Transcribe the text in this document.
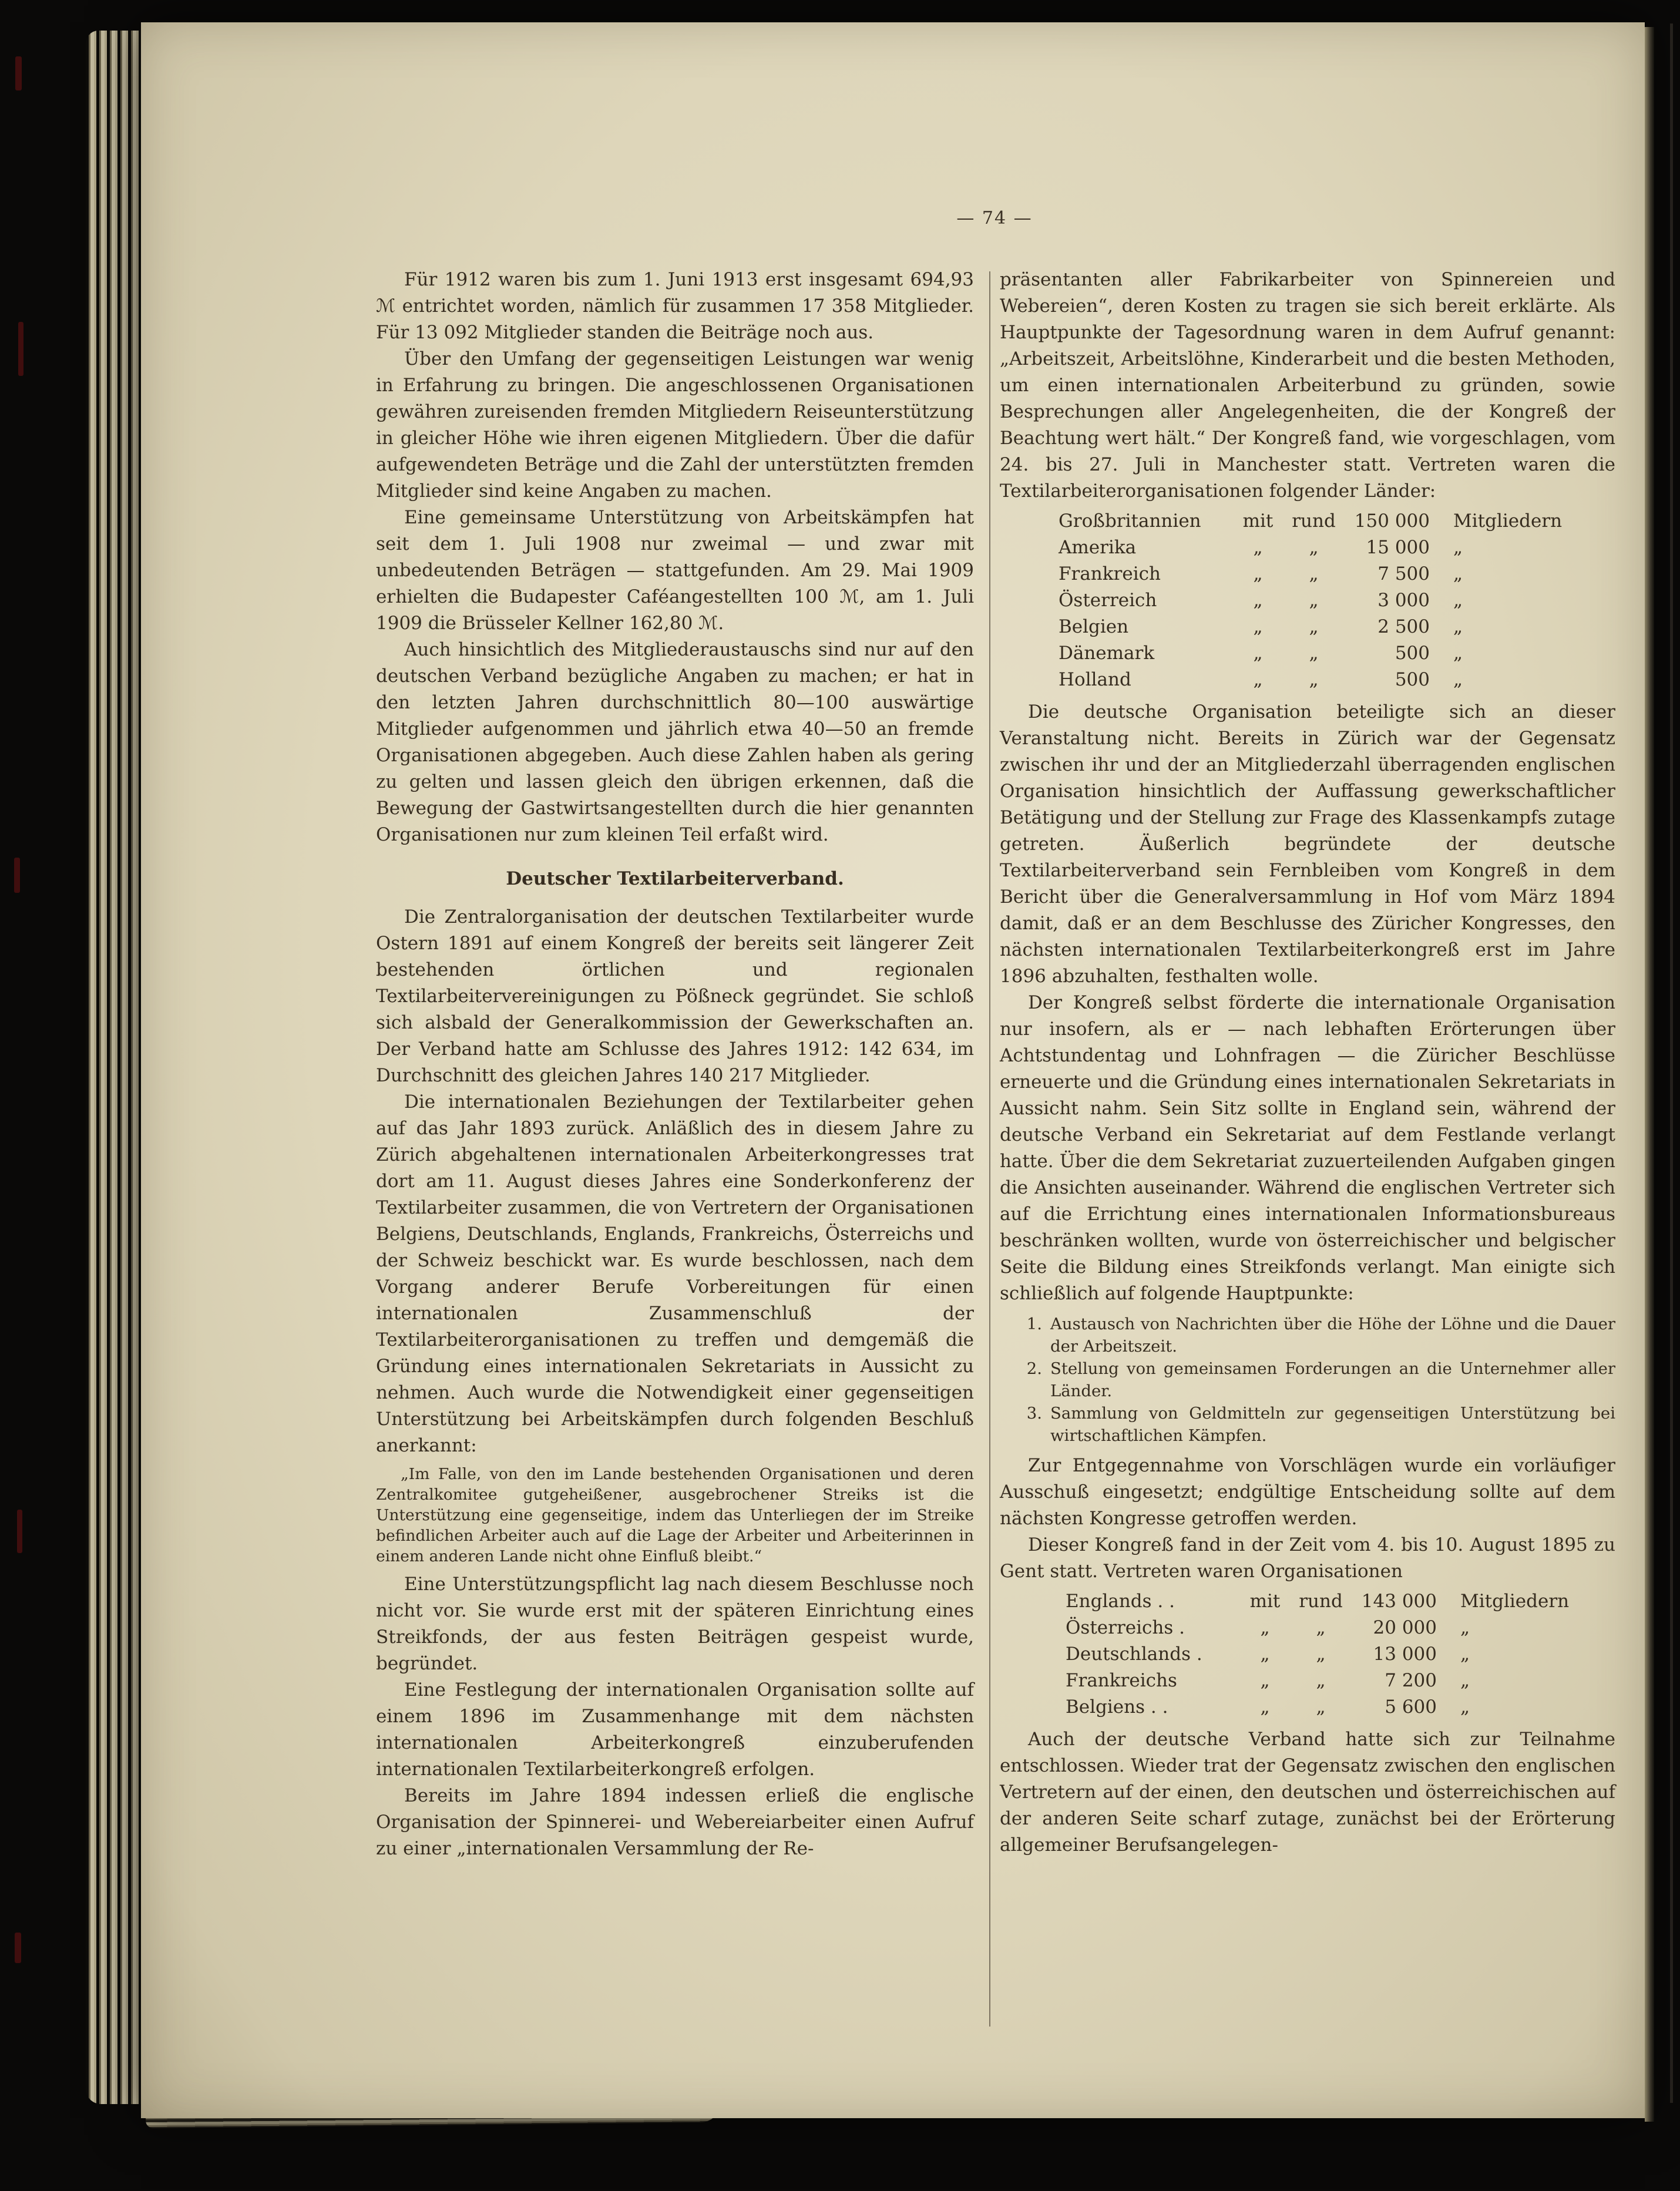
— 74 —

Für 1912 waren bis zum 1. Juni 1913 erst insgesamt 694,93 ℳ entrichtet worden, nämlich für zusammen 17 358 Mitglieder. Für 13 092 Mitglieder standen die Beiträge noch aus.

Über den Umfang der gegenseitigen Leistungen war wenig in Erfahrung zu bringen. Die angeschlossenen Organisationen gewähren zureisenden fremden Mitgliedern Reiseunterstützung in gleicher Höhe wie ihren eigenen Mitgliedern. Über die dafür aufgewendeten Beträge und die Zahl der unterstützten fremden Mitglieder sind keine Angaben zu machen.

Eine gemeinsame Unterstützung von Arbeitskämpfen hat seit dem 1. Juli 1908 nur zweimal — und zwar mit unbedeutenden Beträgen — stattgefunden. Am 29. Mai 1909 erhielten die Budapester Caféangestellten 100 ℳ, am 1. Juli 1909 die Brüsseler Kellner 162,80 ℳ.

Auch hinsichtlich des Mitgliederaustauschs sind nur auf den deutschen Verband bezügliche Angaben zu machen; er hat in den letzten Jahren durchschnittlich 80—100 auswärtige Mitglieder aufgenommen und jährlich etwa 40—50 an fremde Organisationen abgegeben. Auch diese Zahlen haben als gering zu gelten und lassen gleich den übrigen erkennen, daß die Bewegung der Gastwirtsangestellten durch die hier genannten Organisationen nur zum kleinen Teil erfaßt wird.

Deutscher Textilarbeiterverband.

Die Zentralorganisation der deutschen Textilarbeiter wurde Ostern 1891 auf einem Kongreß der bereits seit längerer Zeit bestehenden örtlichen und regionalen Textilarbeitervereinigungen zu Pößneck gegründet. Sie schloß sich alsbald der Generalkommission der Gewerkschaften an. Der Verband hatte am Schlusse des Jahres 1912: 142 634, im Durchschnitt des gleichen Jahres 140 217 Mitglieder.

Die internationalen Beziehungen der Textilarbeiter gehen auf das Jahr 1893 zurück. Anläßlich des in diesem Jahre zu Zürich abgehaltenen internationalen Arbeiterkongresses trat dort am 11. August dieses Jahres eine Sonderkonferenz der Textilarbeiter zusammen, die von Vertretern der Organisationen Belgiens, Deutschlands, Englands, Frankreichs, Österreichs und der Schweiz beschickt war. Es wurde beschlossen, nach dem Vorgang anderer Berufe Vorbereitungen für einen internationalen Zusammenschluß der Textilarbeiterorganisationen zu treffen und demgemäß die Gründung eines internationalen Sekretariats in Aussicht zu nehmen. Auch wurde die Notwendigkeit einer gegenseitigen Unterstützung bei Arbeitskämpfen durch folgenden Beschluß anerkannt:

„Im Falle, von den im Lande bestehenden Organisationen und deren Zentralkomitee gutgeheißener, ausgebrochener Streiks ist die Unterstützung eine gegenseitige, indem das Unterliegen der im Streike befindlichen Arbeiter auch auf die Lage der Arbeiter und Arbeiterinnen in einem anderen Lande nicht ohne Einfluß bleibt.“

Eine Unterstützungspflicht lag nach diesem Beschlusse noch nicht vor. Sie wurde erst mit der späteren Einrichtung eines Streikfonds, der aus festen Beiträgen gespeist wurde, begründet.

Eine Festlegung der internationalen Organisation sollte auf einem 1896 im Zusammenhange mit dem nächsten internationalen Arbeiterkongreß einzuberufenden internationalen Textilarbeiterkongreß erfolgen.

Bereits im Jahre 1894 indessen erließ die englische Organisation der Spinnerei- und Webereiarbeiter einen Aufruf zu einer „internationalen Versammlung der Re-

präsentanten aller Fabrikarbeiter von Spinnereien und Webereien“, deren Kosten zu tragen sie sich bereit erklärte. Als Hauptpunkte der Tagesordnung waren in dem Aufruf genannt: „Arbeitszeit, Arbeitslöhne, Kinderarbeit und die besten Methoden, um einen internationalen Arbeiterbund zu gründen, sowie Besprechungen aller Angelegenheiten, die der Kongreß der Beachtung wert hält.“ Der Kongreß fand, wie vorgeschlagen, vom 24. bis 27. Juli in Manchester statt. Vertreten waren die Textilarbeiterorganisationen folgender Länder:

Großbritannien	mit	rund	150 000	Mitgliedern
Amerika	„	„	15 000	„
Frankreich	„	„	7 500	„
Österreich	„	„	3 000	„
Belgien	„	„	2 500	„
Dänemark	„	„	500	„
Holland	„	„	500	„

Die deutsche Organisation beteiligte sich an dieser Veranstaltung nicht. Bereits in Zürich war der Gegensatz zwischen ihr und der an Mitgliederzahl überragenden englischen Organisation hinsichtlich der Auffassung gewerkschaftlicher Betätigung und der Stellung zur Frage des Klassenkampfs zutage getreten. Äußerlich begründete der deutsche Textilarbeiterverband sein Fernbleiben vom Kongreß in dem Bericht über die Generalversammlung in Hof vom März 1894 damit, daß er an dem Beschlusse des Züricher Kongresses, den nächsten internationalen Textilarbeiterkongreß erst im Jahre 1896 abzuhalten, festhalten wolle.

Der Kongreß selbst förderte die internationale Organisation nur insofern, als er — nach lebhaften Erörterungen über Achtstundentag und Lohnfragen — die Züricher Beschlüsse erneuerte und die Gründung eines internationalen Sekretariats in Aussicht nahm. Sein Sitz sollte in England sein, während der deutsche Verband ein Sekretariat auf dem Festlande verlangt hatte. Über die dem Sekretariat zuzuerteilenden Aufgaben gingen die Ansichten auseinander. Während die englischen Vertreter sich auf die Errichtung eines internationalen Informationsbureaus beschränken wollten, wurde von österreichischer und belgischer Seite die Bildung eines Streikfonds verlangt. Man einigte sich schließlich auf folgende Hauptpunkte:

1. Austausch von Nachrichten über die Höhe der Löhne und die Dauer der Arbeitszeit.
2. Stellung von gemeinsamen Forderungen an die Unternehmer aller Länder.
3. Sammlung von Geldmitteln zur gegenseitigen Unterstützung bei wirtschaftlichen Kämpfen.

Zur Entgegennahme von Vorschlägen wurde ein vorläufiger Ausschuß eingesetzt; endgültige Entscheidung sollte auf dem nächsten Kongresse getroffen werden.

Dieser Kongreß fand in der Zeit vom 4. bis 10. August 1895 zu Gent statt. Vertreten waren Organisationen

Englands . .	mit	rund	143 000	Mitgliedern
Österreichs .	„	„	20 000	„
Deutschlands .	„	„	13 000	„
Frankreichs	„	„	7 200	„
Belgiens . .	„	„	5 600	„

Auch der deutsche Verband hatte sich zur Teilnahme entschlossen. Wieder trat der Gegensatz zwischen den englischen Vertretern auf der einen, den deutschen und österreichischen auf der anderen Seite scharf zutage, zunächst bei der Erörterung allgemeiner Berufsangelegen-
